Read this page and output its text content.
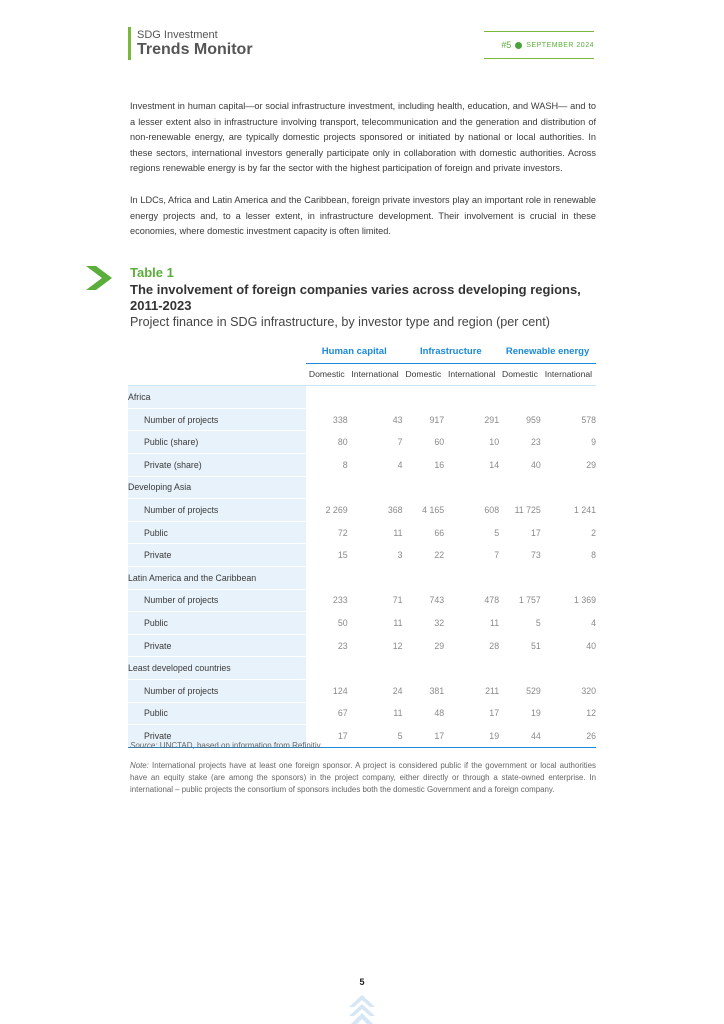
SDG Investment
Trends Monitor	#5 SEPTEMBER 2024

Investment in human capital—or social infrastructure investment, including health, education, and WASH— and to a lesser extent also in infrastructure involving transport, telecommunication and the generation and distribution of non-renewable energy, are typically domestic projects sponsored or initiated by national or local authorities. In these sectors, international investors generally participate only in collaboration with domestic authorities. Across regions renewable energy is by far the sector with the highest participation of foreign and private investors.

In LDCs, Africa and Latin America and the Caribbean, foreign private investors play an important role in renewable energy projects and, to a lesser extent, in infrastructure development. Their involvement is crucial in these economies, where domestic investment capacity is often limited.

Table 1
The involvement of foreign companies varies across developing regions, 2011-2023
Project finance in SDG infrastructure, by investor type and region (per cent)
	Human capital		Infrastructure		Renewable energy	
	Domestic	International	Domestic	International	Domestic	International
Africa						
Number of projects	338	43	917	291	959	578
Public (share)	80	7	60	10	23	9
Private (share)	8	4	16	14	40	29
Developing Asia						
Number of projects	2 269	368	4 165	608	11 725	1 241
Public	72	11	66	5	17	2
Private	15	3	22	7	73	8
Latin America and the Caribbean						
Number of projects	233	71	743	478	1 757	1 369
Public	50	11	32	11	5	4
Private	23	12	29	28	51	40
Least developed countries						
Number of projects	124	24	381	211	529	320
Public	67	11	48	17	19	12
Private	17	5	17	19	44	26
Source: UNCTAD, based on information from Refinitiv.

Note: International projects have at least one foreign sponsor. A project is considered public if the government or local authorities have an equity stake (are among the sponsors) in the project company, either directly or through a state-owned enterprise. In international – public projects the consortium of sponsors includes both the domestic Government and a foreign company.

5
